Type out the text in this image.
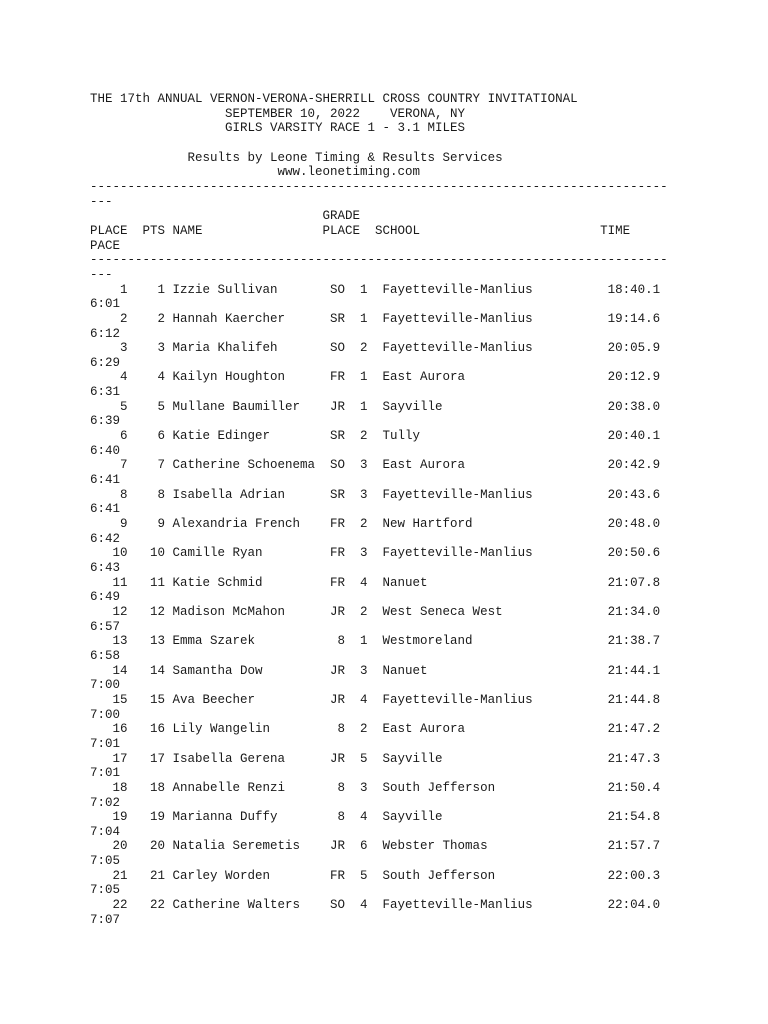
THE 17th ANNUAL VERNON-VERONA-SHERRILL CROSS COUNTRY INVITATIONAL
SEPTEMBER 10, 2022    VERONA, NY
GIRLS VARSITY RACE 1 - 3.1 MILES

Results by Leone Timing & Results Services
www.leonetiming.com
-----------------------------------------------------------------------------
---
GRADE
PLACE  PTS NAME                PLACE  SCHOOL                        TIME
PACE
-----------------------------------------------------------------------------
---
1    1 Izzie Sullivan       SO  1  Fayetteville-Manlius          18:40.1
6:01
2    2 Hannah Kaercher      SR  1  Fayetteville-Manlius          19:14.6
6:12
3    3 Maria Khalifeh       SO  2  Fayetteville-Manlius          20:05.9
6:29
4    4 Kailyn Houghton      FR  1  East Aurora                   20:12.9
6:31
5    5 Mullane Baumiller    JR  1  Sayville                      20:38.0
6:39
6    6 Katie Edinger        SR  2  Tully                         20:40.1
6:40
7    7 Catherine Schoenema  SO  3  East Aurora                   20:42.9
6:41
8    8 Isabella Adrian      SR  3  Fayetteville-Manlius          20:43.6
6:41
9    9 Alexandria French    FR  2  New Hartford                  20:48.0
6:42
10   10 Camille Ryan         FR  3  Fayetteville-Manlius          20:50.6
6:43
11   11 Katie Schmid         FR  4  Nanuet                        21:07.8
6:49
12   12 Madison McMahon      JR  2  West Seneca West              21:34.0
6:57
13   13 Emma Szarek           8  1  Westmoreland                  21:38.7
6:58
14   14 Samantha Dow         JR  3  Nanuet                        21:44.1
7:00
15   15 Ava Beecher          JR  4  Fayetteville-Manlius          21:44.8
7:00
16   16 Lily Wangelin         8  2  East Aurora                   21:47.2
7:01
17   17 Isabella Gerena      JR  5  Sayville                      21:47.3
7:01
18   18 Annabelle Renzi       8  3  South Jefferson               21:50.4
7:02
19   19 Marianna Duffy        8  4  Sayville                      21:54.8
7:04
20   20 Natalia Seremetis    JR  6  Webster Thomas                21:57.7
7:05
21   21 Carley Worden        FR  5  South Jefferson               22:00.3
7:05
22   22 Catherine Walters    SO  4  Fayetteville-Manlius          22:04.0
7:07
